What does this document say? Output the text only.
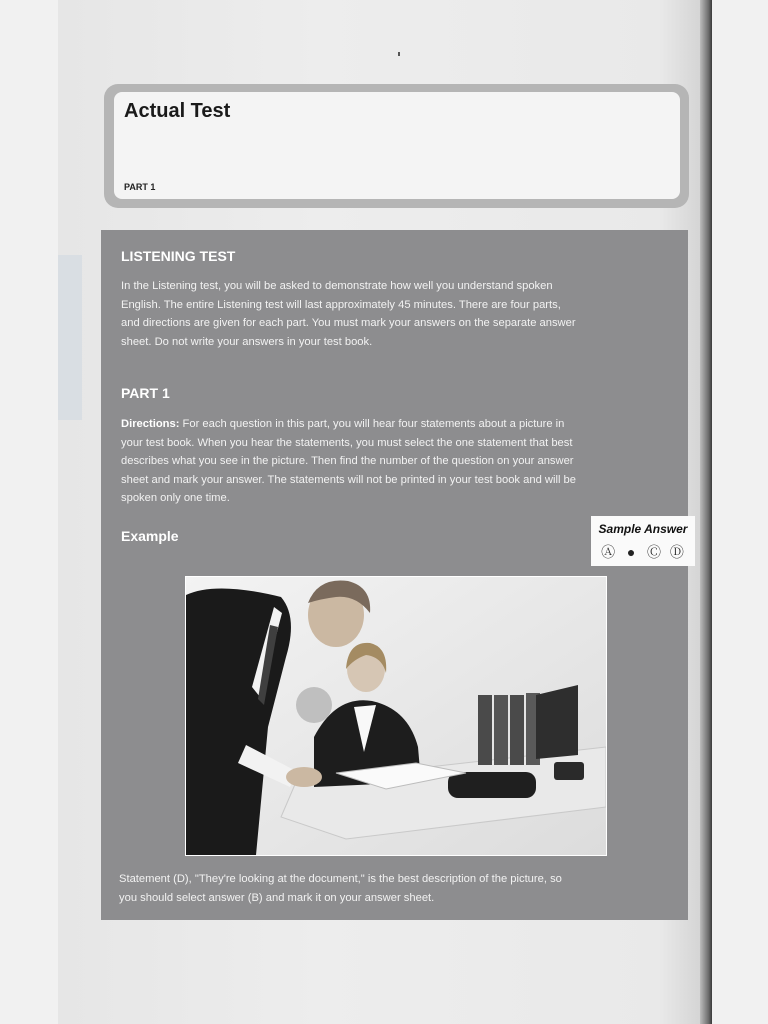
Actual Test
PART 1
LISTENING TEST

In the Listening test, you will be asked to demonstrate how well you understand spoken
English. The entire Listening test will last approximately 45 minutes. There are four parts,
and directions are given for each part. You must mark your answers on the separate answer
sheet. Do not write your answers in your test book.

PART 1

Directions: For each question in this part, you will hear four statements about a picture in
your test book. When you hear the statements, you must select the one statement that best
describes what you see in the picture. Then find the number of the question on your answer
sheet and mark your answer. The statements will not be printed in your test book and will be
spoken only one time.

Example	Sample Answer
Ⓐ ● Ⓒ Ⓓ

Statement (D), "They're looking at the document," is the best description of the picture, so
you should select answer (B) and mark it on your answer sheet.
